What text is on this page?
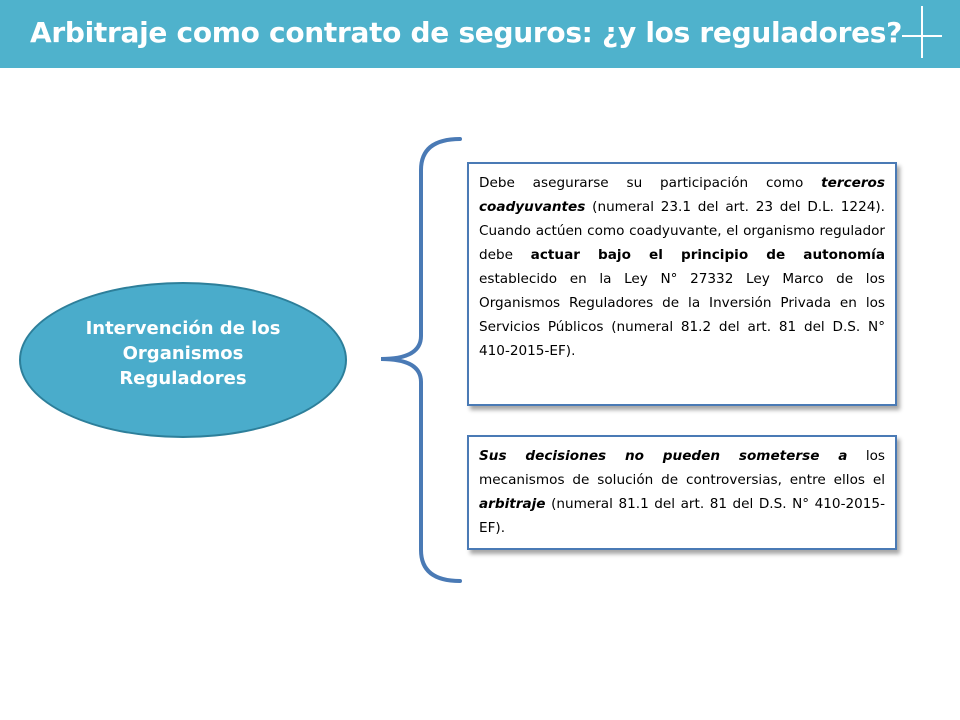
Arbitraje como contrato de seguros: ¿y los reguladores?
Intervención de los
Organismos
Reguladores
Debe asegurarse su participación como terceros coadyuvantes (numeral 23.1 del art. 23 del D.L. 1224). Cuando actúen como coadyuvante, el organismo regulador debe actuar bajo el principio de autonomía establecido en la Ley N° 27332 Ley Marco de los Organismos Reguladores de la Inversión Privada en los Servicios Públicos (numeral 81.2 del art. 81 del D.S. N° 410-2015-EF).
Sus decisiones no pueden someterse a los mecanismos de solución de controversias, entre ellos el arbitraje (numeral 81.1 del art. 81 del D.S. N° 410-2015-EF).
